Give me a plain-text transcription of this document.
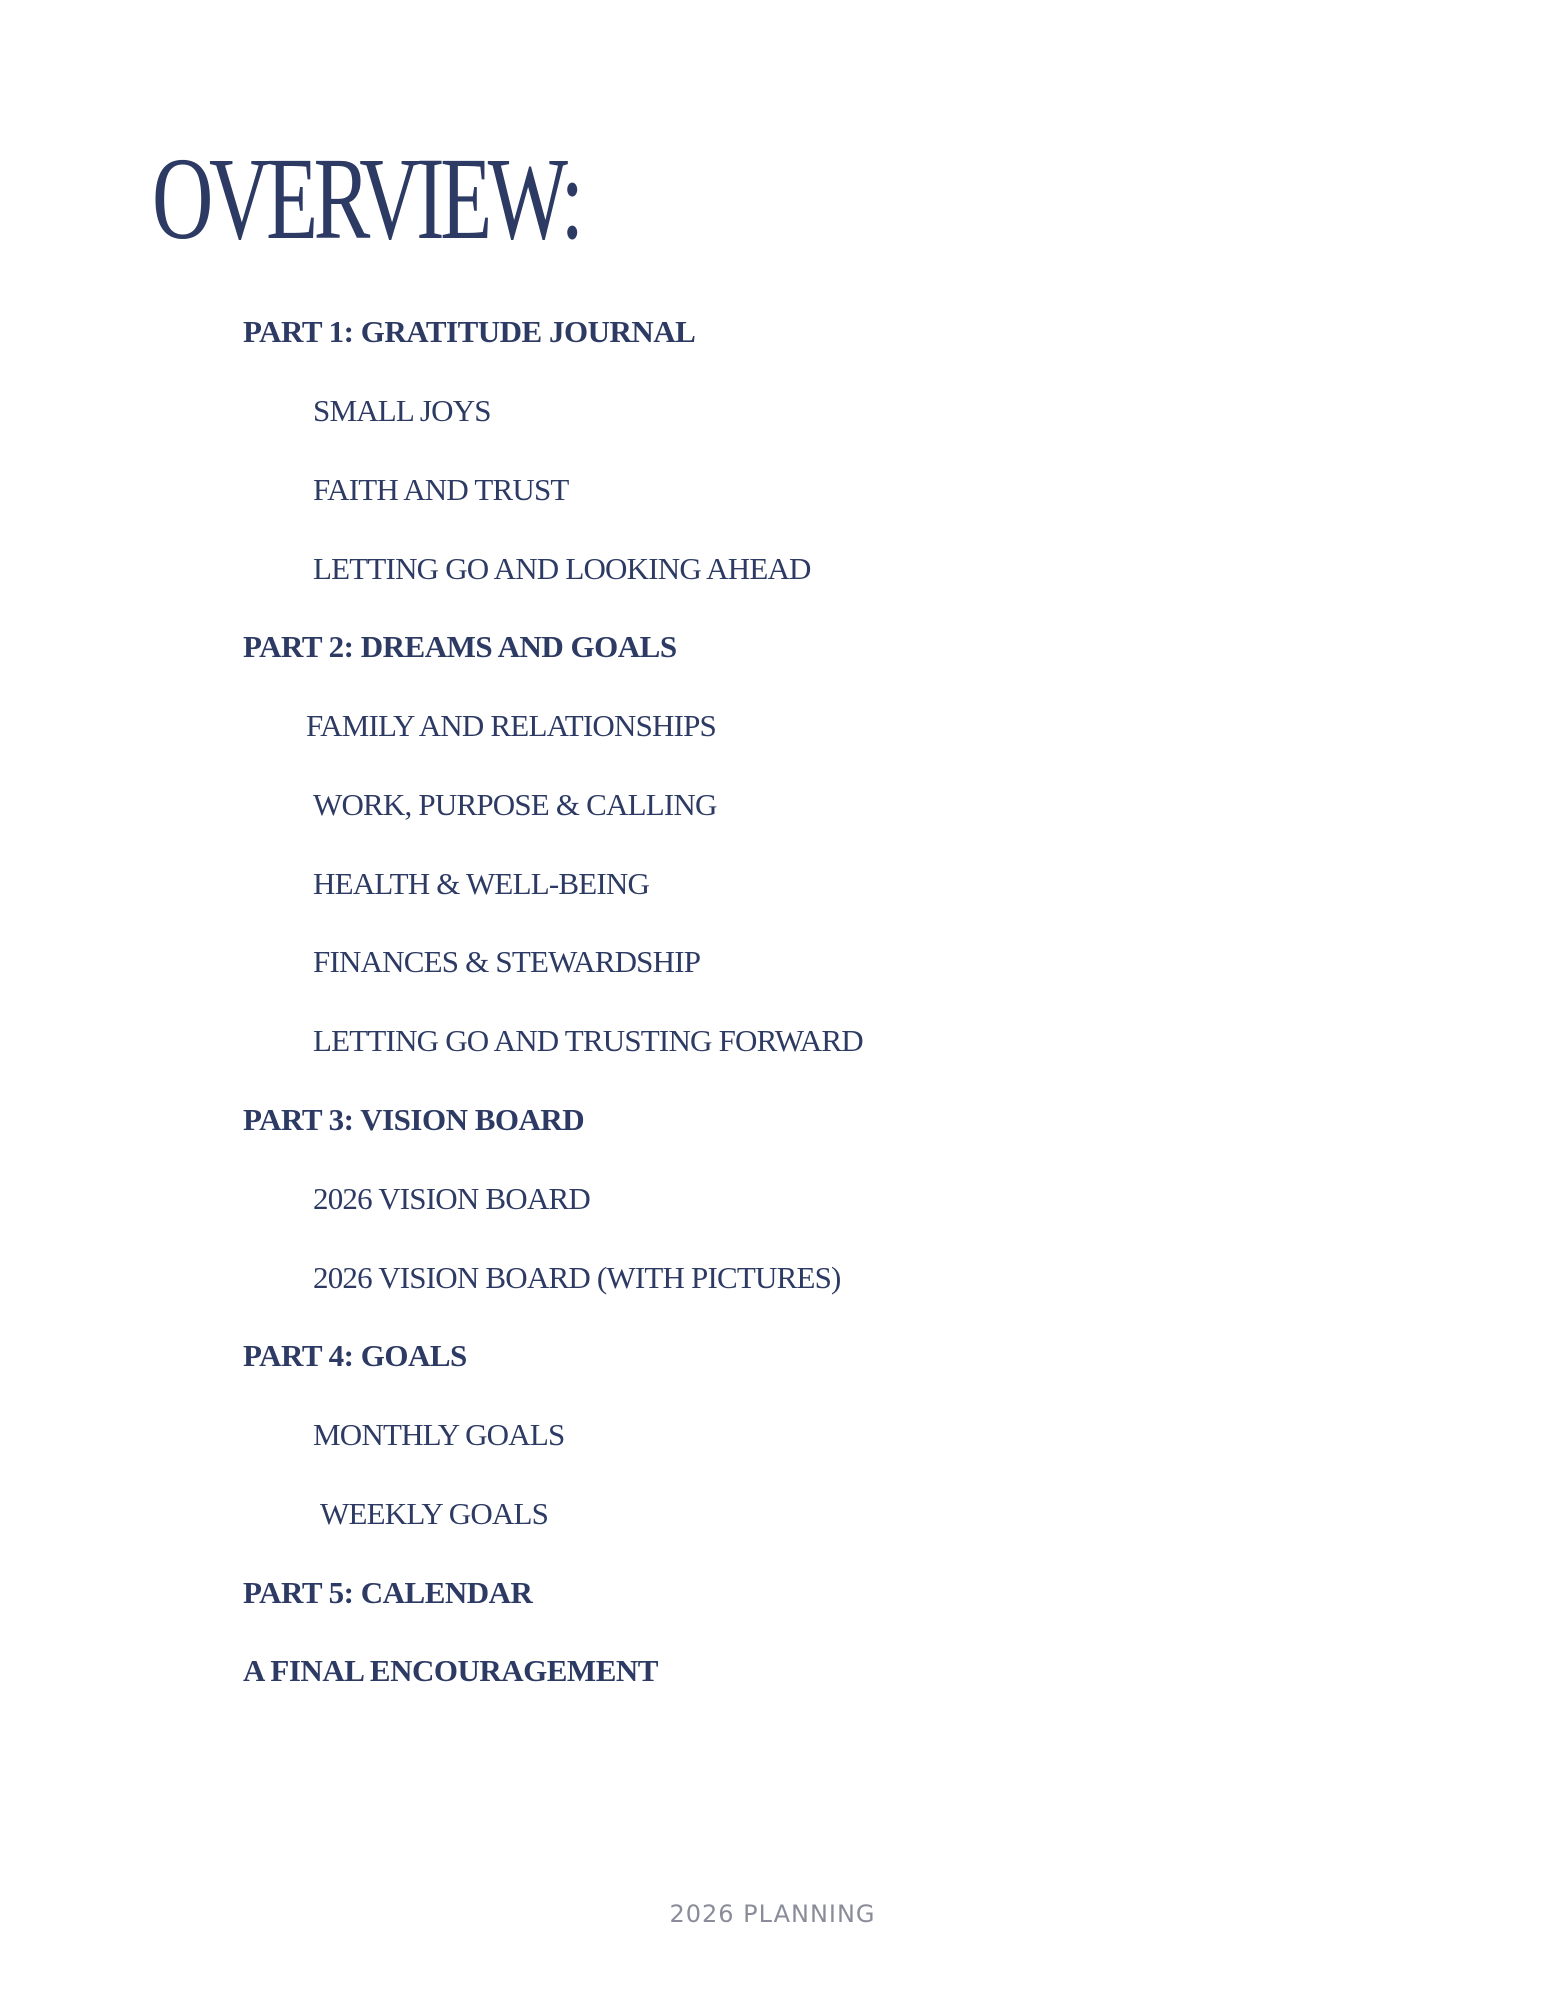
OVERVIEW:
PART 1: GRATITUDE JOURNAL
SMALL JOYS
FAITH AND TRUST
LETTING GO AND LOOKING AHEAD
PART 2: DREAMS AND GOALS
FAMILY AND RELATIONSHIPS
WORK, PURPOSE & CALLING
HEALTH & WELL-BEING
FINANCES & STEWARDSHIP
LETTING GO AND TRUSTING FORWARD
PART 3: VISION BOARD
2026 VISION BOARD
2026 VISION BOARD (WITH PICTURES)
PART 4: GOALS
MONTHLY GOALS
WEEKLY GOALS
PART 5: CALENDAR
A FINAL ENCOURAGEMENT
2026 PLANNING
